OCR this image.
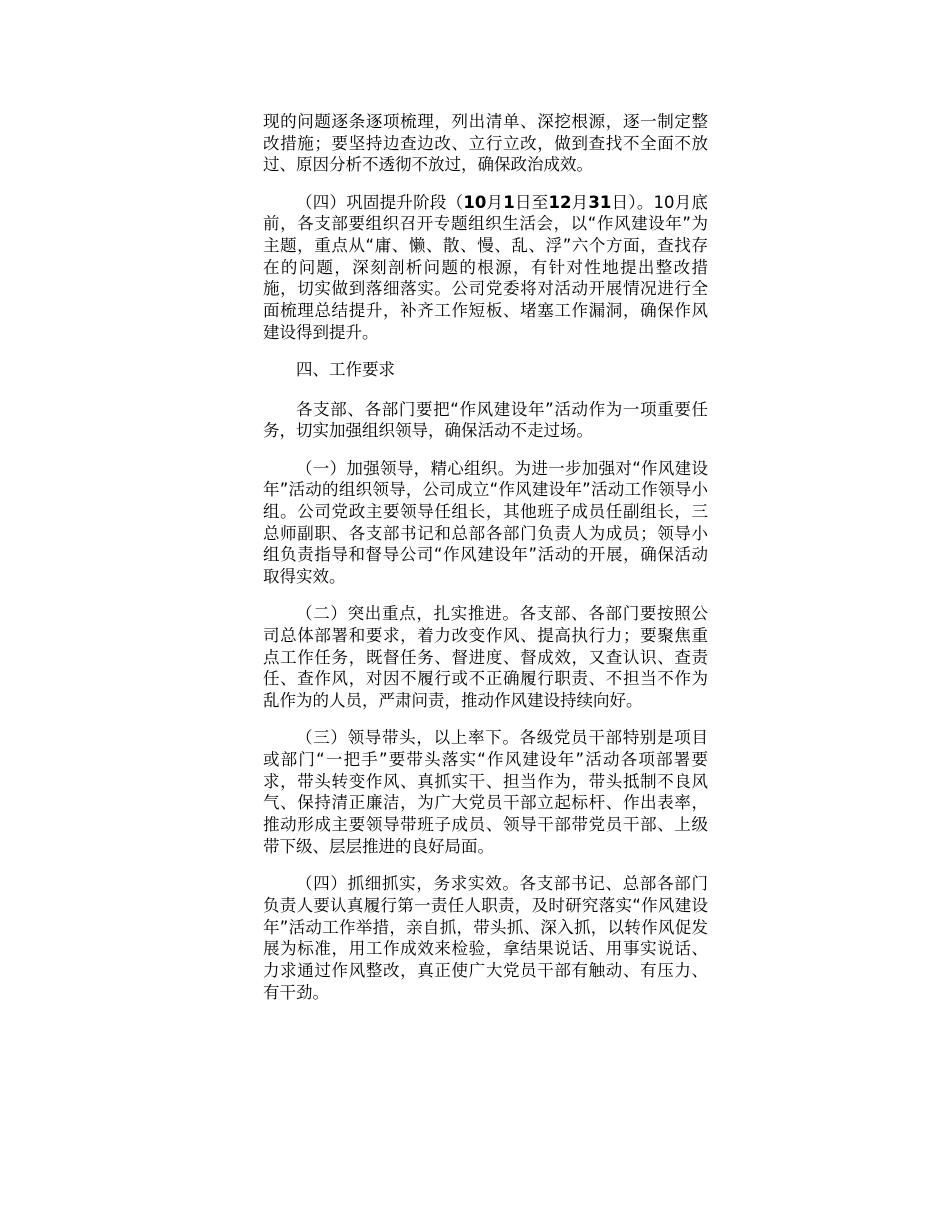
现的问题逐条逐项梳理，列出清单、深挖根源，逐一制定整改措施；要坚持边查边改、立行立改，做到查找不全面不放过、原因分析不透彻不放过，确保政治成效。

（四）巩固提升阶段（10月1日至12月31日）。10月底前，各支部要组织召开专题组织生活会，以“作风建设年”为主题，重点从“庸、懒、散、慢、乱、浮”六个方面，查找存在的问题，深刻剖析问题的根源，有针对性地提出整改措施，切实做到落细落实。公司党委将对活动开展情况进行全面梳理总结提升，补齐工作短板、堵塞工作漏洞，确保作风建设得到提升。

四、工作要求

各支部、各部门要把“作风建设年”活动作为一项重要任务，切实加强组织领导，确保活动不走过场。

（一）加强领导，精心组织。为进一步加强对“作风建设年”活动的组织领导，公司成立“作风建设年”活动工作领导小组。公司党政主要领导任组长，其他班子成员任副组长，三总师副职、各支部书记和总部各部门负责人为成员；领导小组负责指导和督导公司“作风建设年”活动的开展，确保活动取得实效。

（二）突出重点，扎实推进。各支部、各部门要按照公司总体部署和要求，着力改变作风、提高执行力；要聚焦重点工作任务，既督任务、督进度、督成效，又查认识、查责任、查作风，对因不履行或不正确履行职责、不担当不作为乱作为的人员，严肃问责，推动作风建设持续向好。

（三）领导带头，以上率下。各级党员干部特别是项目或部门“一把手”要带头落实“作风建设年”活动各项部署要求，带头转变作风、真抓实干、担当作为，带头抵制不良风气、保持清正廉洁，为广大党员干部立起标杆、作出表率，推动形成主要领导带班子成员、领导干部带党员干部、上级带下级、层层推进的良好局面。

（四）抓细抓实，务求实效。各支部书记、总部各部门负责人要认真履行第一责任人职责，及时研究落实“作风建设年”活动工作举措，亲自抓，带头抓、深入抓，以转作风促发展为标准，用工作成效来检验，拿结果说话、用事实说话、力求通过作风整改，真正使广大党员干部有触动、有压力、有干劲。
